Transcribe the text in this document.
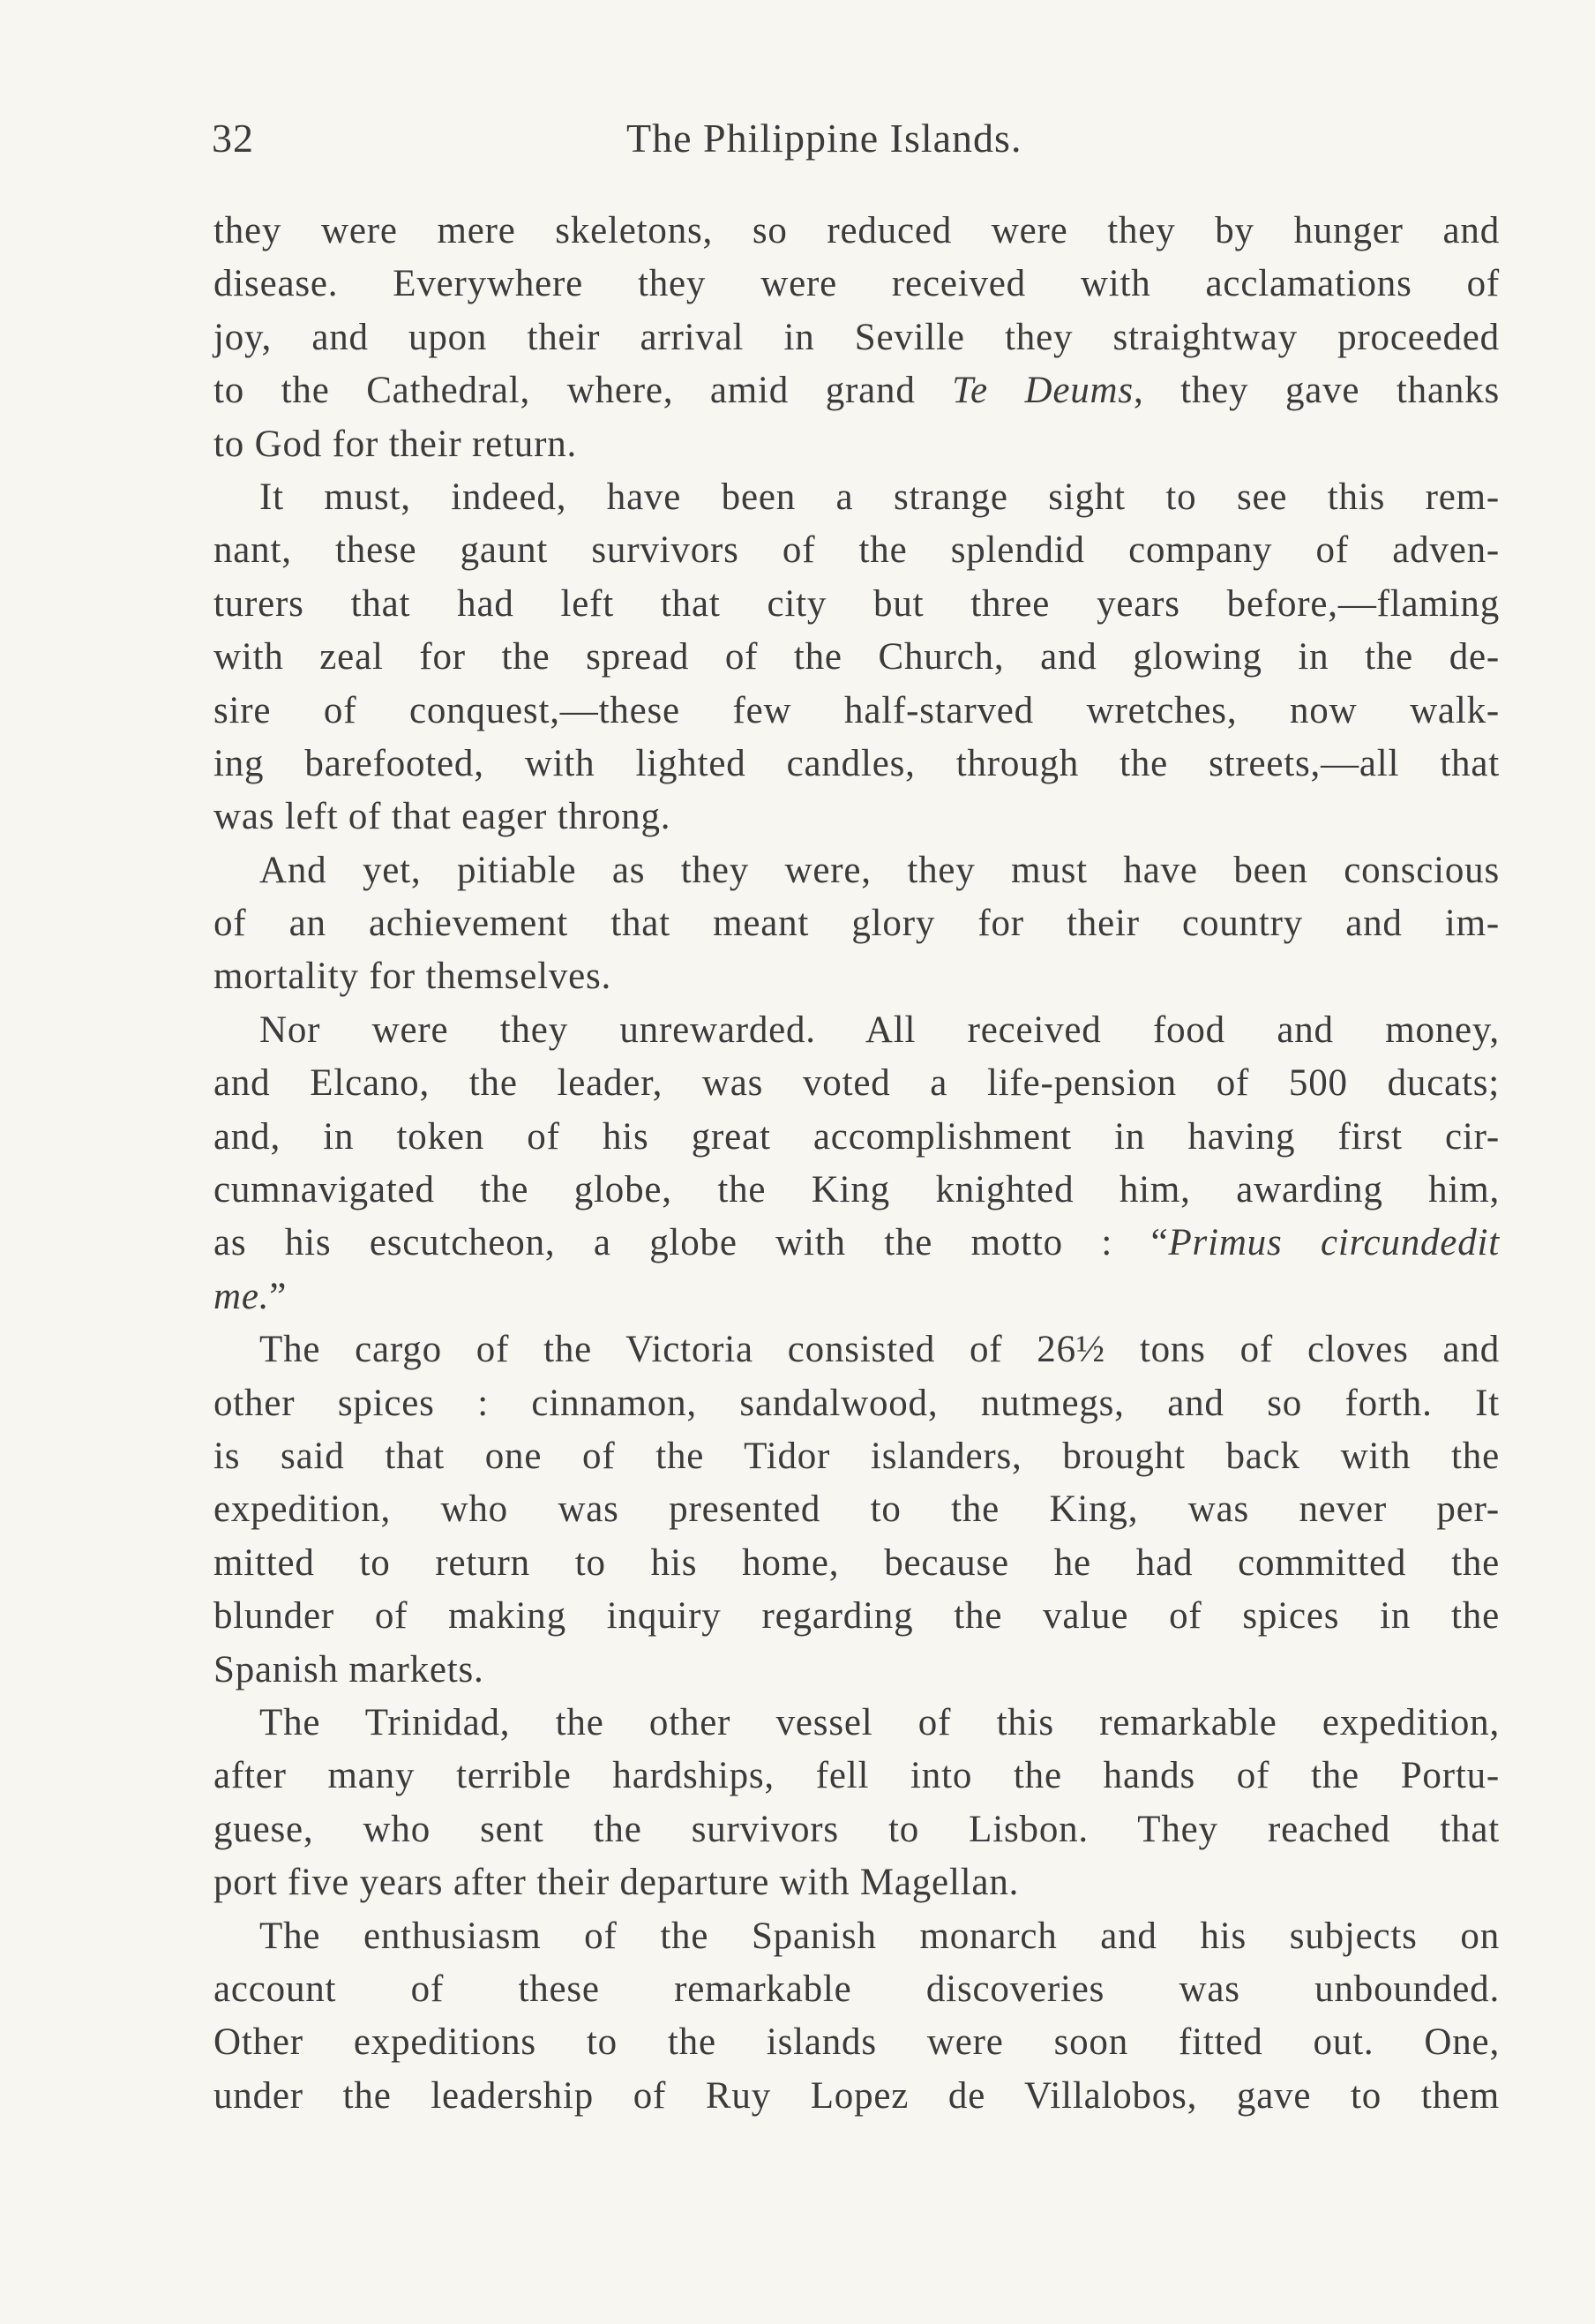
32	The Philippine Islands.
they were mere skeletons, so reduced were they by hunger and
disease. Everywhere they were received with acclamations of
joy, and upon their arrival in Seville they straightway proceeded
to the Cathedral, where, amid grand Te Deums, they gave thanks
to God for their return.
It must, indeed, have been a strange sight to see this rem-
nant, these gaunt survivors of the splendid company of adven-
turers that had left that city but three years before,—flaming
with zeal for the spread of the Church, and glowing in the de-
sire of conquest,—these few half-starved wretches, now walk-
ing barefooted, with lighted candles, through the streets,—all that
was left of that eager throng.
And yet, pitiable as they were, they must have been conscious
of an achievement that meant glory for their country and im-
mortality for themselves.
Nor were they unrewarded. All received food and money,
and Elcano, the leader, was voted a life-pension of 500 ducats;
and, in token of his great accomplishment in having first cir-
cumnavigated the globe, the King knighted him, awarding him,
as his escutcheon, a globe with the motto : “Primus circundedit
me.”
The cargo of the Victoria consisted of 26½ tons of cloves and
other spices : cinnamon, sandalwood, nutmegs, and so forth. It
is said that one of the Tidor islanders, brought back with the
expedition, who was presented to the King, was never per-
mitted to return to his home, because he had committed the
blunder of making inquiry regarding the value of spices in the
Spanish markets.
The Trinidad, the other vessel of this remarkable expedition,
after many terrible hardships, fell into the hands of the Portu-
guese, who sent the survivors to Lisbon. They reached that
port five years after their departure with Magellan.
The enthusiasm of the Spanish monarch and his subjects on
account of these remarkable discoveries was unbounded.
Other expeditions to the islands were soon fitted out. One,
under the leadership of Ruy Lopez de Villalobos, gave to them
